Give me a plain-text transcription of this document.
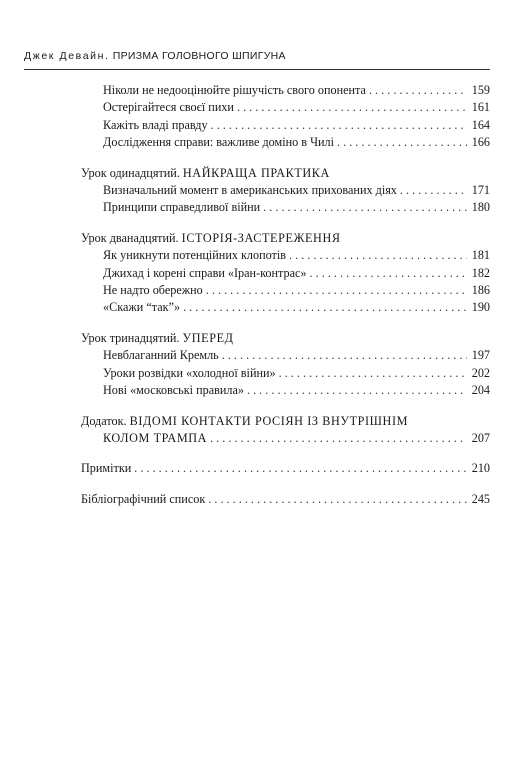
Джек Девайн. ПРИЗМА ГОЛОВНОГО ШПИГУНА
Ніколи не недооцінюйте рішучість свого опонента . . .	159
Остерігайтеся своєї пихи . . .	161
Кажіть владі правду . . .	164
Дослідження справи: важливе доміно в Чилі . . .	166
Урок одинадцятий. НАЙКРАЩА ПРАКТИКА
Визначальний момент в американських прихованих діях . . .	171
Принципи справедливої війни . . .	180
Урок дванадцятий. ІСТОРІЯ-ЗАСТЕРЕЖЕННЯ
Як уникнути потенційних клопотів . . .	181
Джихад і корені справи «Іран-контрас» . . .	182
Не надто обережно . . .	186
«Скажи “так”» . . .	190
Урок тринадцятий. УПЕРЕД
Невблаганний Кремль . . .	197
Уроки розвідки «холодної війни» . . .	202
Нові «московські правила» . . .	204
Додаток. ВІДОМІ КОНТАКТИ РОСІЯН ІЗ ВНУТРІШНІМ
КОЛОМ ТРАМПА . . .	207
Примітки . . .	210
Бібліографічний список . . .	245
